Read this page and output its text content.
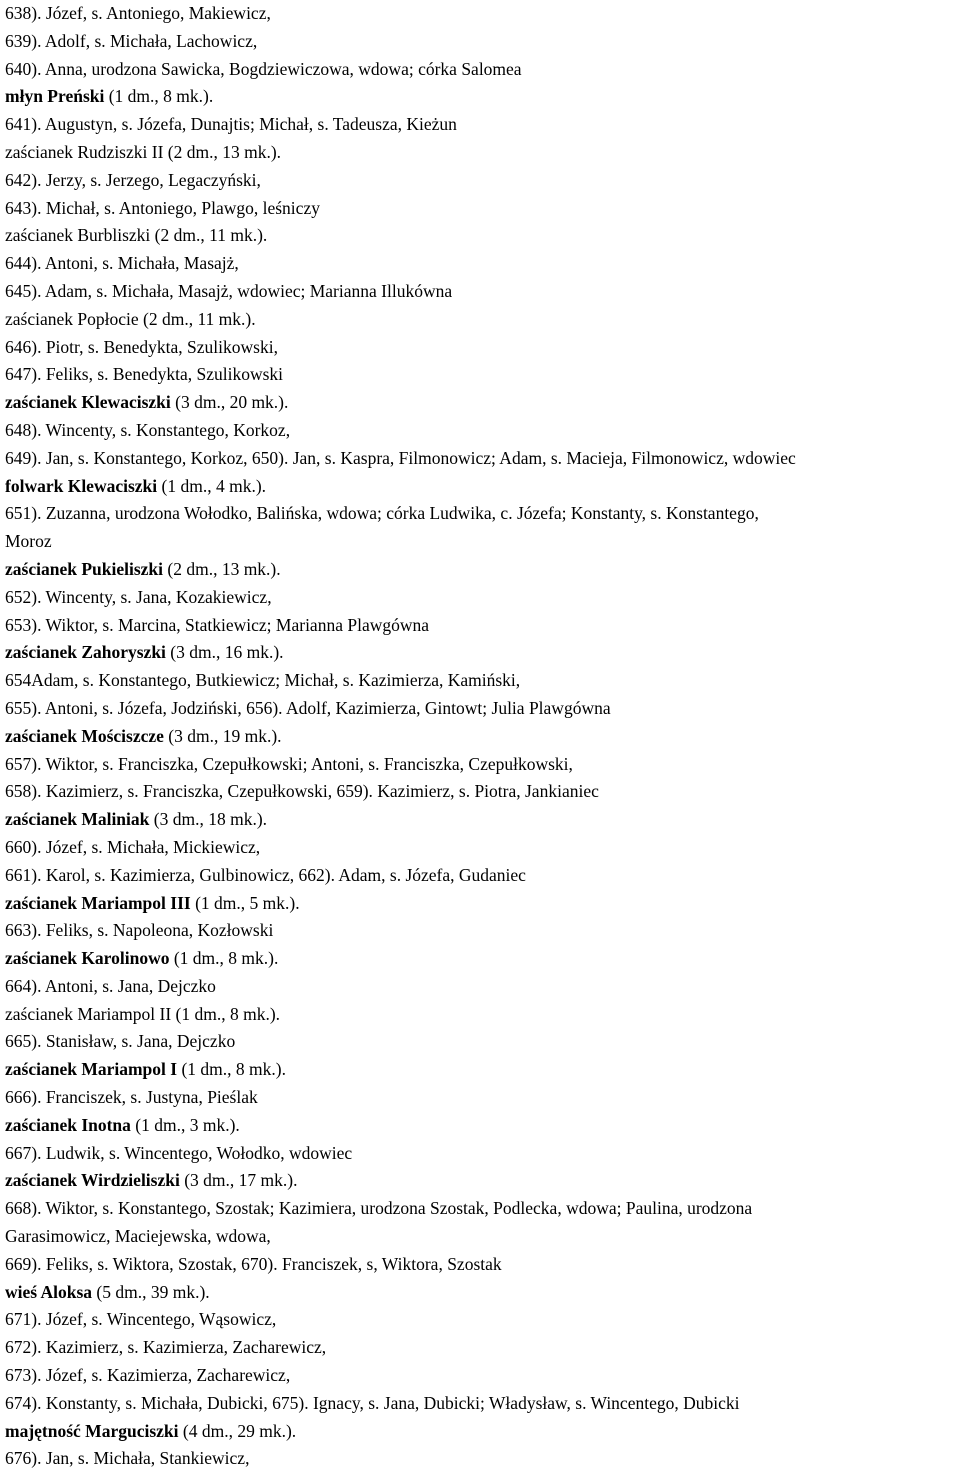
638). Józef, s. Antoniego, Makiewicz,
639). Adolf, s. Michała, Lachowicz,
640). Anna, urodzona Sawicka, Bogdziewiczowa, wdowa; córka Salomea
młyn Preński (1 dm., 8 mk.).
641). Augustyn, s. Józefa, Dunajtis; Michał, s. Tadeusza, Kieżun
zaścianek Rudziszki II (2 dm., 13 mk.).
642). Jerzy, s. Jerzego, Legaczyński,
643). Michał, s. Antoniego, Plawgo, leśniczy
zaścianek Burbliszki (2 dm., 11 mk.).
644). Antoni, s. Michała, Masajż,
645). Adam, s. Michała, Masajż, wdowiec; Marianna Illukówna
zaścianek Popłocie (2 dm., 11 mk.).
646). Piotr, s. Benedykta, Szulikowski,
647). Feliks, s. Benedykta, Szulikowski
zaścianek Klewaciszki (3 dm., 20 mk.).
648). Wincenty, s. Konstantego, Korkoz,
649). Jan, s. Konstantego, Korkoz, 650). Jan, s. Kaspra, Filmonowicz; Adam, s. Macieja, Filmonowicz, wdowiec
folwark Klewaciszki (1 dm., 4 mk.).
651). Zuzanna, urodzona Wołodko, Balińska, wdowa; córka Ludwika, c. Józefa; Konstanty, s. Konstantego,
Moroz
zaścianek Pukieliszki (2 dm., 13 mk.).
652). Wincenty, s. Jana, Kozakiewicz,
653). Wiktor, s. Marcina, Statkiewicz; Marianna Plawgówna
zaścianek Zahoryszki (3 dm., 16 mk.).
654Adam, s. Konstantego, Butkiewicz; Michał, s. Kazimierza, Kamiński,
655). Antoni, s. Józefa, Jodziński, 656). Adolf, Kazimierza, Gintowt; Julia Plawgówna
zaścianek Mościszcze (3 dm., 19 mk.).
657). Wiktor, s. Franciszka, Czepułkowski; Antoni, s. Franciszka, Czepułkowski,
658). Kazimierz, s. Franciszka, Czepułkowski, 659). Kazimierz, s. Piotra, Jankianiec
zaścianek Maliniak (3 dm., 18 mk.).
660). Józef, s. Michała, Mickiewicz,
661). Karol, s. Kazimierza, Gulbinowicz, 662). Adam, s. Józefa, Gudaniec
zaścianek Mariampol III (1 dm., 5 mk.).
663). Feliks, s. Napoleona, Kozłowski
zaścianek Karolinowo (1 dm., 8 mk.).
664). Antoni, s. Jana, Dejczko
zaścianek Mariampol II (1 dm., 8 mk.).
665). Stanisław, s. Jana, Dejczko
zaścianek Mariampol I (1 dm., 8 mk.).
666). Franciszek, s. Justyna, Pieślak
zaścianek Inotna (1 dm., 3 mk.).
667). Ludwik, s. Wincentego, Wołodko, wdowiec
zaścianek Wirdzieliszki (3 dm., 17 mk.).
668). Wiktor, s. Konstantego, Szostak; Kazimiera, urodzona Szostak, Podlecka, wdowa; Paulina, urodzona
Garasimowicz, Maciejewska, wdowa,
669). Feliks, s. Wiktora, Szostak, 670). Franciszek, s, Wiktora, Szostak
wieś Aloksa (5 dm., 39 mk.).
671). Józef, s. Wincentego, Wąsowicz,
672). Kazimierz, s. Kazimierza, Zacharewicz,
673). Józef, s. Kazimierza, Zacharewicz,
674). Konstanty, s. Michała, Dubicki, 675). Ignacy, s. Jana, Dubicki; Władysław, s. Wincentego, Dubicki
majętność Marguciszki (4 dm., 29 mk.).
676). Jan, s. Michała, Stankiewicz,
